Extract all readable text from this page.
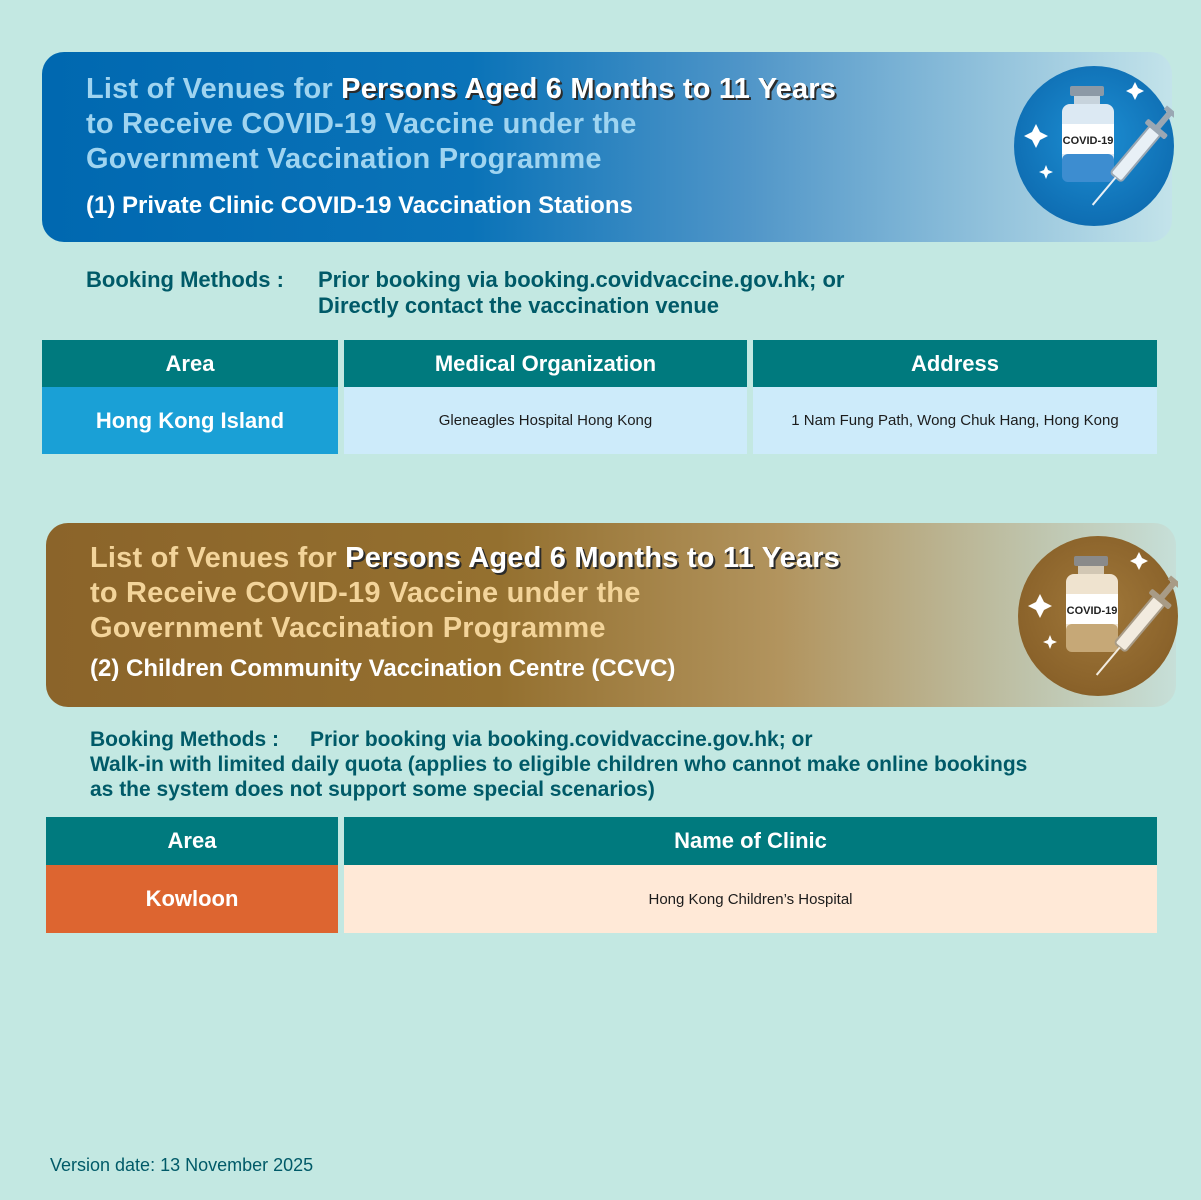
List of Venues for Persons Aged 6 Months to 11 Years
to Receive COVID-19 Vaccine under the
Government Vaccination Programme
(1) Private Clinic COVID-19 Vaccination Stations
COVID-19
Booking Methods : Prior booking via booking.covidvaccine.gov.hk; or
Directly contact the vaccination venue
Area	Medical Organization	Address
Hong Kong Island	Gleneagles Hospital Hong Kong	1 Nam Fung Path, Wong Chuk Hang, Hong Kong
List of Venues for Persons Aged 6 Months to 11 Years
to Receive COVID-19 Vaccine under the
Government Vaccination Programme
(2) Children Community Vaccination Centre (CCVC)
COVID-19
Booking Methods : Prior booking via booking.covidvaccine.gov.hk; or
Walk-in with limited daily quota (applies to eligible children who cannot make online bookings
as the system does not support some special scenarios)
Area	Name of Clinic
Kowloon	Hong Kong Children’s Hospital
Version date: 13 November 2025
